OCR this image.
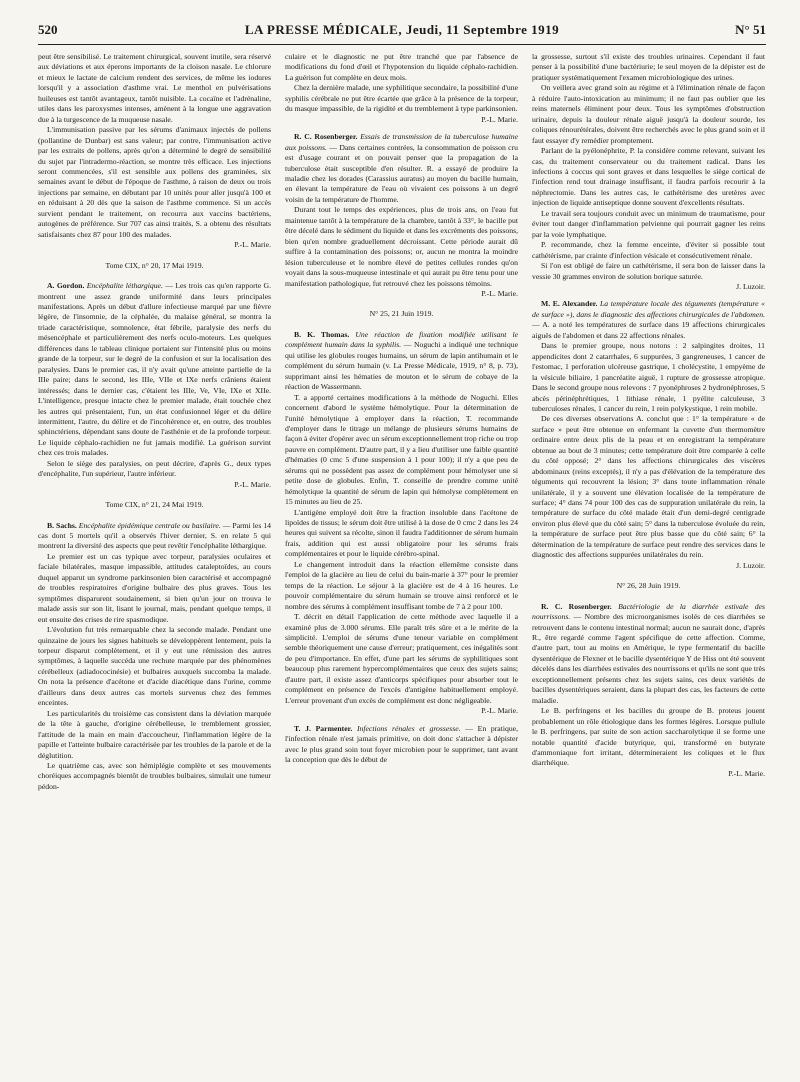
520	LA PRESSE MÉDICALE, Jeudi, 11 Septembre 1919	N° 51

peut être sensibilisé. Le traitement chirurgical, souvent inutile, sera réservé aux déviations et aux éperons importants de la cloison nasale. Le chlorure et mieux le lactate de calcium rendent des services, de même les iodures lorsqu'il y a association d'asthme vrai. Le menthol en pulvérisations huileuses est tantôt avantageux, tantôt nuisible. La cocaïne et l'adrénaline, utiles dans les paroxysmes intenses, amènent à la longue une aggravation due à la turgescence de la muqueuse nasale.

L'immunisation passive par les sérums d'animaux injectés de pollens (pollantine de Dunbar) est sans valeur; par contre, l'immunisation active par les extraits de pollens, après qu'on a déterminé le degré de sensibilité du sujet par l'intradermo-réaction, se montre très efficace. Les injections seront commencées, s'il est sensible aux pollens des graminées, six semaines avant le début de l'époque de l'asthme, à raison de deux ou trois injections par semaine, en débutant par 10 unités pour aller jusqu'à 100 et en réduisant à 20 dès que la saison de l'asthme commence. Si un accès survient pendant le traitement, on recourra aux vaccins bactériens, autogènes de préférence. Sur 707 cas ainsi traités, S. a obtenu des résultats satisfaisants chez 87 pour 100 des malades.

P.-L. Marie.

Tome CIX, n° 20, 17 Mai 1919.

A. Gordon. Encéphalite léthargique. — Les trois cas qu'en rapporte G. montrent une assez grande uniformité dans leurs principales manifestations. Après un début d'allure infectieuse marqué par une fièvre légère, de l'insomnie, de la céphalée, du malaise général, se montra la triade caractéristique, somnolence, état fébrile, paralysie des nerfs du mésencéphale et particulièrement des nerfs oculo-moteurs. Les quelques différences dans le tableau clinique portaient sur l'intensité plus ou moins grande de la torpeur, sur le degré de la confusion et sur la localisation des paralysies. Dans le premier cas, il n'y avait qu'une atteinte partielle de la IIIe paire; dans le second, les IIIe, VIIe et IXe nerfs crâniens étaient intéressés; dans le dernier cas, c'étaient les IIIe, Ve, VIe, IXe et XIIe. L'intelligence, presque intacte chez le premier malade, était touchée chez les autres qui présentaient, l'un, un état confusionnel léger et du délire intermittent, l'autre, du délire et de l'incohérence et, en outre, des troubles sphinctériens, dépendant sans doute de l'asthénie et de la profonde torpeur. Le liquide céphalo-rachidien ne fut jamais modifié. La guérison survint chez ces trois malades.

Selon le siège des paralysies, on peut décrire, d'après G., deux types d'encéphalite, l'un supérieur, l'autre inférieur.

P.-L. Marie.

Tome CIX, n° 21, 24 Mai 1919.

B. Sachs. Encéphalite épidémique centrale ou basilaire. — Parmi les 14 cas dont 5 mortels qu'il a observés l'hiver dernier, S. en relate 5 qui montrent la diversité des aspects que peut revêtir l'encéphalite léthargique.

Le premier est un cas typique avec torpeur, paralysies oculaires et faciale bilatérales, masque impassible, attitudes cataleptoïdes, au cours duquel apparut un syndrome parkinsonien bien caractérisé et accompagné de troubles respiratoires d'origine bulbaire des plus graves. Tous les symptômes disparurent soudainement, si bien qu'un jour on trouva le malade assis sur son lit, lisant le journal, mais, pendant quelque temps, il eut ensuite des crises de rire spasmodique.

L'évolution fut très remarquable chez la seconde malade. Pendant une quinzaine de jours les signes habituels se développèrent lentement, puis la torpeur disparut complètement, et il y eut une rémission des autres symptômes, à laquelle succéda une rechute marquée par des phénomènes cérébelleux (adiadococinésie) et bulbaires auxquels succomba la malade. On nota la présence d'acétone et d'acide diacétique dans l'urine, comme d'ailleurs dans deux autres cas mortels survenus chez des femmes enceintes.

Les particularités du troisième cas consistent dans la déviation marquée de la tête à gauche, d'origine cérébelleuse, le tremblement grossier, l'attitude de la main en main d'accoucheur, l'inflammation légère de la papille et l'atteinte bulbaire caractérisée par les troubles de la parole et de la déglutition.

Le quatrième cas, avec son hémiplégie complète et ses mouvements choréiques accompagnés bientôt de troubles bulbaires, simulait une tumeur pédon-

culaire et le diagnostic ne put être tranché que par l'absence de modifications du fond d'œil et l'hypotension du liquide céphalo-rachidien. La guérison fut complète en deux mois.

Chez la dernière malade, une syphilitique secondaire, la possibilité d'une syphilis cérébrale ne put être écartée que grâce à la présence de la torpeur, du masque impassible, de la rigidité et du tremblement à type parkinsonien.

P.-L. Marie.

R. C. Rosenberger. Essais de transmission de la tuberculose humaine aux poissons. — Dans certaines contrées, la consommation de poisson cru est d'usage courant et on pouvait penser que la propagation de la tuberculose était susceptible d'en résulter. R. a essayé de produire la maladie chez les dorades (Carassius auratus) au moyen du bacille humain, en élevant la température de l'eau où vivaient ces poissons à un degré voisin de la température de l'homme.

Durant tout le temps des expériences, plus de trois ans, on l'eau fut maintenue tantôt à la température de la chambre, tantôt à 33°, le bacille put être décelé dans le sédiment du liquide et dans les excréments des poissons, bien qu'en nombre graduellement décroissant. Cette période aurait dû suffire à la contamination des poissons; or, aucun ne montra la moindre lésion tuberculeuse et le nombre élevé de petites cellules rondes qu'on voyait dans la sous-muqueuse intestinale et qui aurait pu être tenu pour une manifestation pathologique, fut retrouvé chez les poissons témoins.

P.-L. Marie.

N° 25, 21 Juin 1919.

B. K. Thomas. Une réaction de fixation modifiée utilisant le complément humain dans la syphilis. — Noguchi a indiqué une technique qui utilise les globules rouges humains, un sérum de lapin antihumain et le complément du sérum humain (v. La Presse Médicale, 1919, n° 8, p. 73), supprimant ainsi les hématies de mouton et le sérum de cobaye de la réaction de Wassermann.

T. a apporté certaines modifications à la méthode de Noguchi. Elles concernent d'abord le système hémolytique. Pour la détermination de l'unité hémolytique à employer dans la réaction, T. recommande d'employer dans le titrage un mélange de plusieurs sérums humains de façon à éviter d'opérer avec un sérum exceptionnellement trop riche ou trop pauvre en complément. D'autre part, il y a lieu d'utiliser une faible quantité d'hématies (0 cmc 5 d'une suspension à 1 pour 100); il n'y a que peu de sérums qui ne possèdent pas assez de complément pour hémolyser une si petite dose de globules. Enfin, T. conseille de prendre comme unité hémolytique la quantité de sérum de lapin qui hémolyse complètement en 15 minutes au lieu de 25.

L'antigène employé doit être la fraction insoluble dans l'acétone de lipoïdes de tissus; le sérum doit être utilisé à la dose de 0 cmc 2 dans les 24 heures qui suivent sa récolte, sinon il faudra l'additionner de sérum humain frais, addition qui est aussi obligatoire pour les sérums frais complémentaires et pour le liquide cérébro-spinal.

Le changement introduit dans la réaction ellemême consiste dans l'emploi de la glacière au lieu de celui du bain-marie à 37° pour le premier temps de la réaction. Le séjour à la glacière est de 4 à 16 heures. Le pouvoir complémentaire du sérum humain se trouve ainsi renforcé et le nombre des sérums à complément insuffisant tombe de 7 à 2 pour 100.

T. décrit en détail l'application de cette méthode avec laquelle il a examiné plus de 3.000 sérums. Elle paraît très sûre et a le mérite de la simplicité. L'emploi de sérums d'une teneur variable en complément semble théoriquement une cause d'erreur; pratiquement, ces inégalités sont de peu d'importance. En effet, d'une part les sérums de syphilitiques sont beaucoup plus rarement hypercomplémentaires que ceux des sujets sains; d'autre part, il existe assez d'anticorps spécifiques pour absorber tout le complément en présence de l'excès d'antigène habituellement employé. L'erreur provenant d'un excès de complément est donc négligeable.

P.-L. Marie.

T. J. Parmenter. Infections rénales et grossesse. — En pratique, l'infection rénale n'est jamais primitive, on doit donc s'attacher à dépister avec le plus grand soin tout foyer microbien pour le supprimer, tant avant la conception que dès le début de

la grossesse, surtout s'il existe des troubles urinaires. Cependant il faut penser à la possibilité d'une bactériurie; le seul moyen de la dépister est de pratiquer systématiquement l'examen microbiologique des urines.

On veillera avec grand soin au régime et à l'élimination rénale de façon à réduire l'auto-intoxication au minimum; il ne faut pas oublier que les reins maternels éliminent pour deux. Tous les symptômes d'obstruction urinaire, depuis la douleur rénale aiguë jusqu'à la douleur sourde, les coliques rénourétérales, doivent être recherchés avec le plus grand soin et il faut essayer d'y remédier promptement.

Parlant de la pyélonéphrite, P. la considère comme relevant, suivant les cas, du traitement conservateur ou du traitement radical. Dans les infections à coccus qui sont graves et dans lesquelles le siège cortical de l'infection rend tout drainage insuffisant, il faudra parfois recourir à la néphrectomie. Dans les autres cas, le cathétérisme des uretères avec injection de liquide antiseptique donne souvent d'excellents résultats.

Le travail sera toujours conduit avec un minimum de traumatisme, pour éviter tout danger d'inflammation pelvienne qui pourrait gagner les reins par la voie lymphatique.

P. recommande, chez la femme enceinte, d'éviter si possible tout cathétérisme, par crainte d'infection vésicale et consécutivement rénale.

Si l'on est obligé de faire un cathétérisme, il sera bon de laisser dans la vessie 30 grammes environ de solution borique saturée.

J. Luzoir.

M. E. Alexander. La température locale des téguments (température « de surface »), dans le diagnostic des affections chirurgicales de l'abdomen. — A. a noté les températures de surface dans 19 affections chirurgicales aiguës de l'abdomen et dans 22 affections rénales.

Dans le premier groupe, nous notons : 2 salpingites droites, 11 appendicites dont 2 catarrhales, 6 suppurées, 3 gangreneuses, 1 cancer de l'estomac, 1 perforation ulcéreuse gastrique, 1 cholécystite, 1 empyème de la vésicule biliaire, 1 pancréatite aiguë, 1 rupture de grossesse atropique. Dans le second groupe nous relevons : 7 pyonéphroses 2 hydronéphroses, 5 abcès périnéphrétiques, 1 lithiase rénale, 1 pyélite calculeuse, 3 tuberculoses rénales, 1 cancer du rein, 1 rein polykystique, 1 rein mobile.

De ces diverses observations A. conclut que : 1° la température « de surface » peut être obtenue en enfermant la cuvette d'un thermomètre ordinaire entre deux plis de la peau et en enregistrant la température obtenue au bout de 3 minutes; cette température doit être comparée à celle du côté opposé; 2° dans les affections chirurgicales des viscères abdominaux (reins exceptés), il n'y a pas d'élévation de la température des téguments qui recouvrent la lésion; 3° dans toute inflammation rénale unilatérale, il y a souvent une élévation localisée de la température de surface; 4° dans 74 pour 100 des cas de suppuration unilatérale du rein, la température de surface du côté malade était d'un demi-degré centigrade environ plus élevé que du côté sain; 5° dans la tuberculose évoluée du rein, la température de surface peut être plus basse que du côté sain; 6° la détermination de la température de surface peut rendre des services dans le diagnostic des affections suppurées unilatérales du rein.

J. Luzoir.

N° 26, 28 Juin 1919.

R. C. Rosenberger. Bactériologie de la diarrhée estivale des nourrissons. — Nombre des microorganismes isolés de ces diarrhées se retrouvent dans le contenu intestinal normal; aucun ne saurait donc, d'après R., être regardé comme l'agent spécifique de cette affection. Comme, d'autre part, tout au moins en Amérique, le type fermentatif du bacille dysentérique de Flexner et le bacille dysentérique Y de Hiss ont été souvent décelés dans les diarrhées estivales des nourrissons et qu'ils ne sont que très exceptionnellement présents chez les sujets sains, ces deux variétés de bacilles dysentériques seraient, dans la plupart des cas, les facteurs de cette maladie.

Le B. perfringens et les bacilles du groupe de B. proteus jouent probablement un rôle étiologique dans les formes légères. Lorsque pullule le B. perfringens, par suite de son action saccharolytique il se forme une notable quantité d'acide butyrique, qui, transformé en butyrate d'ammoniaque fort irritant, détermineraient les coliques et le flux diarrhéique.

P.-L. Marie.
